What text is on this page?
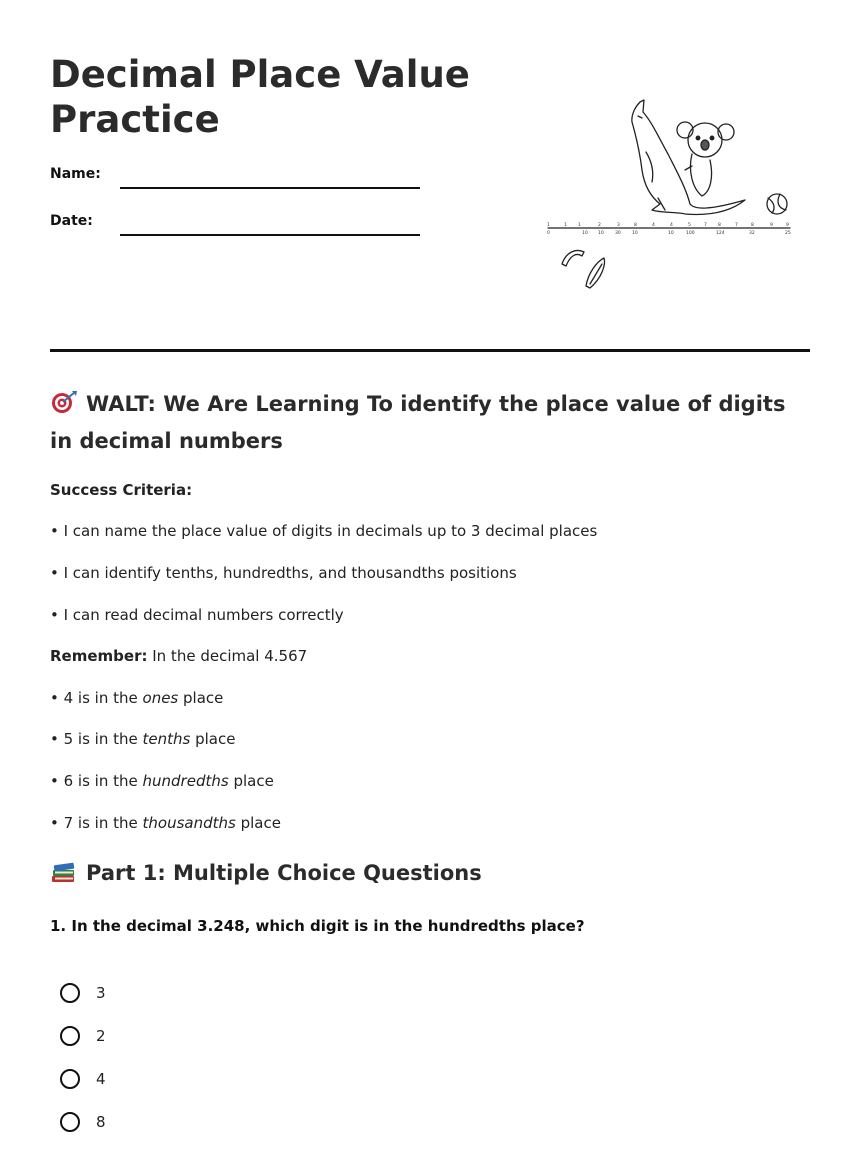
Decimal Place Value Practice
Name:
Date:	1
0
1 1
10
2
10
3
30
8
10
4	4
10
5
100
7 8
124
7	8
32
9	9
25
WALT: We Are Learning To identify the place value of digits in decimal numbers
Success Criteria:
• I can name the place value of digits in decimals up to 3 decimal places
• I can identify tenths, hundredths, and thousandths positions
• I can read decimal numbers correctly
Remember: In the decimal 4.567
• 4 is in the ones place
• 5 is in the tenths place
• 6 is in the hundredths place
• 7 is in the thousandths place
Part 1: Multiple Choice Questions
1. In the decimal 3.248, which digit is in the hundredths place?
3
2
4
8
